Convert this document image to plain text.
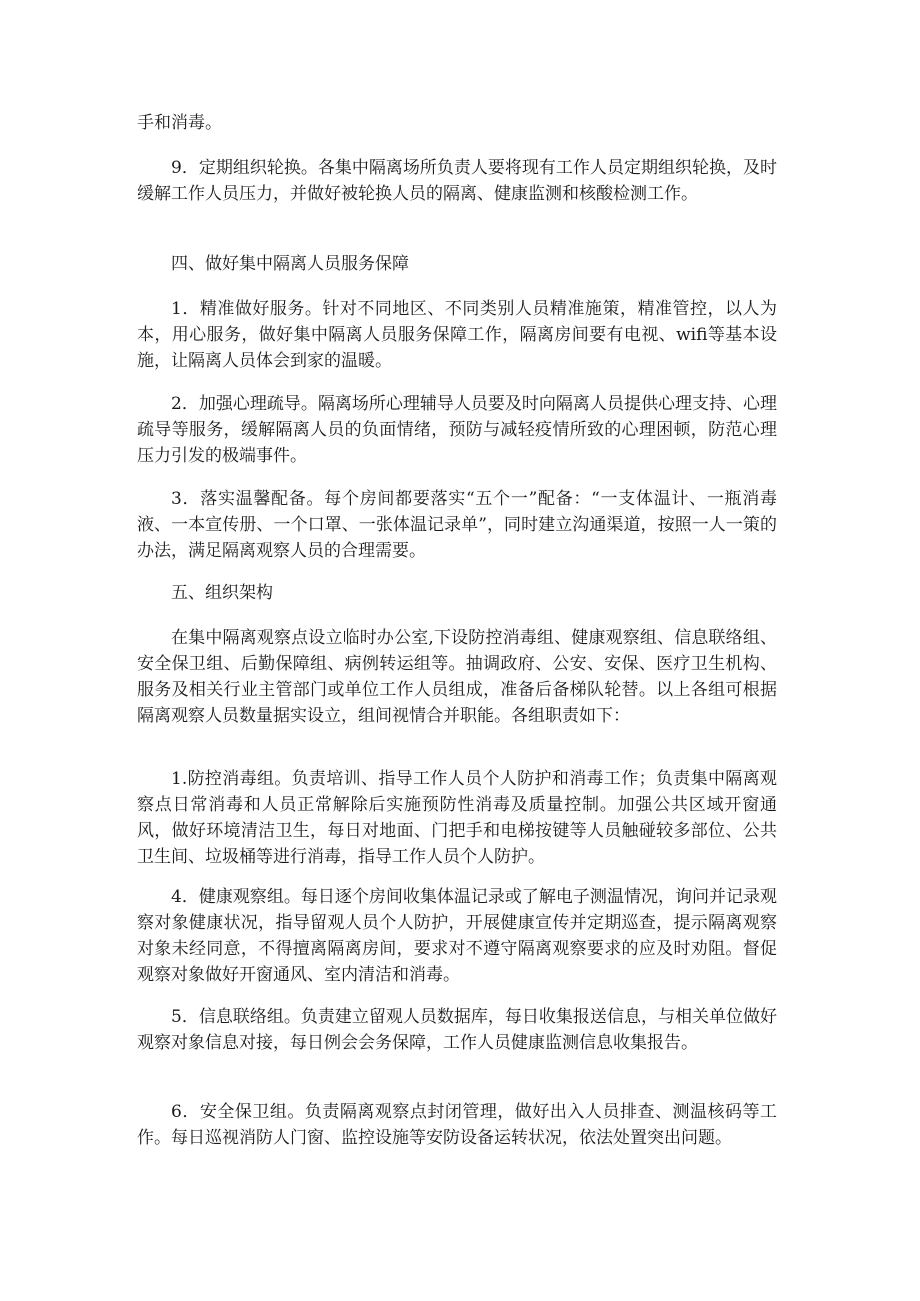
手和消毒。

9．定期组织轮换。各集中隔离场所负责人要将现有工作人员定期组织轮换，及时缓解工作人员压力，并做好被轮换人员的隔离、健康监测和核酸检测工作。

四、做好集中隔离人员服务保障

1．精准做好服务。针对不同地区、不同类别人员精准施策，精准管控，以人为本，用心服务，做好集中隔离人员服务保障工作，隔离房间要有电视、wifi等基本设施，让隔离人员体会到家的温暖。

2．加强心理疏导。隔离场所心理辅导人员要及时向隔离人员提供心理支持、心理疏导等服务，缓解隔离人员的负面情绪，预防与减轻疫情所致的心理困顿，防范心理压力引发的极端事件。

3．落实温馨配备。每个房间都要落实“五个一”配备：“一支体温计、一瓶消毒液、一本宣传册、一个口罩、一张体温记录单”，同时建立沟通渠道，按照一人一策的办法，满足隔离观察人员的合理需要。

五、组织架构

在集中隔离观察点设立临时办公室,下设防控消毒组、健康观察组、信息联络组、安全保卫组、后勤保障组、病例转运组等。抽调政府、公安、安保、医疗卫生机构、服务及相关行业主管部门或单位工作人员组成，准备后备梯队轮替。以上各组可根据隔离观察人员数量据实设立，组间视情合并职能。各组职责如下：

1.防控消毒组。负责培训、指导工作人员个人防护和消毒工作；负责集中隔离观察点日常消毒和人员正常解除后实施预防性消毒及质量控制。加强公共区域开窗通风，做好环境清洁卫生，每日对地面、门把手和电梯按键等人员触碰较多部位、公共卫生间、垃圾桶等进行消毒，指导工作人员个人防护。

4．健康观察组。每日逐个房间收集体温记录或了解电子测温情况，询问并记录观察对象健康状况，指导留观人员个人防护，开展健康宣传并定期巡查，提示隔离观察对象未经同意，不得擅离隔离房间，要求对不遵守隔离观察要求的应及时劝阻。督促观察对象做好开窗通风、室内清洁和消毒。

5．信息联络组。负责建立留观人员数据库，每日收集报送信息，与相关单位做好观察对象信息对接，每日例会会务保障，工作人员健康监测信息收集报告。

6．安全保卫组。负责隔离观察点封闭管理，做好出入人员排查、测温核码等工作。每日巡视消防人门窗、监控设施等安防设备运转状况，依法处置突出问题。
